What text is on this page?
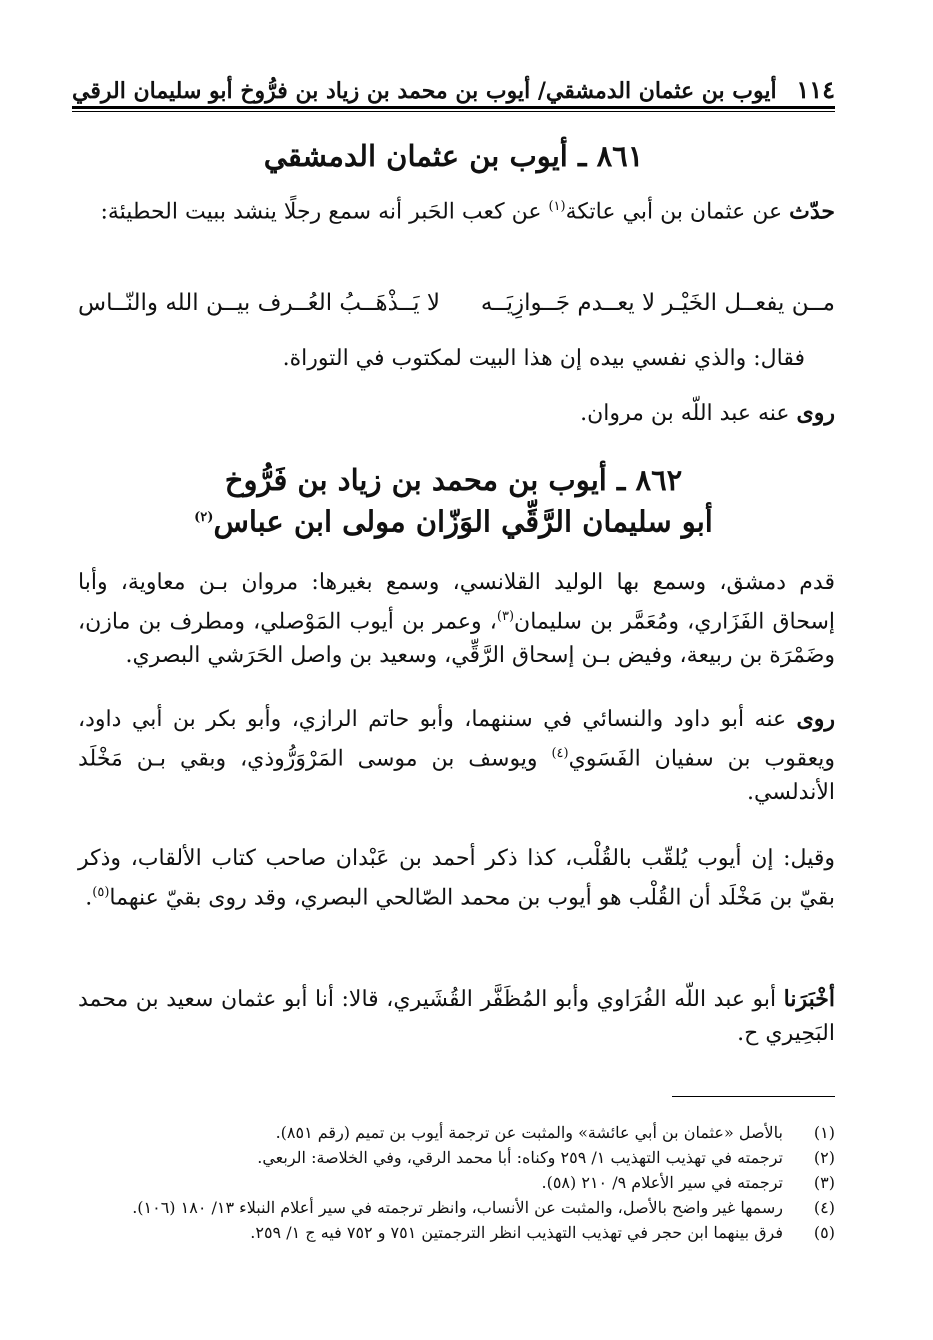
١١٤
أيوب بن عثمان الدمشقي/ أيوب بن محمد بن زياد بن فرُّوخ أبو سليمان الرقي
٨٦١ ـ أيوب بن عثمان الدمشقي
حدّث عن عثمان بن أبي عاتكة$^{(١)}$ عن كعب الحَبر أنه سمع رجلًا ينشد ببيت الحطيئة:
مــن يفعــل الخَيْـر لا يعــدم جَــوازِيَــه
لا يَــذْهَــبُ العُــرف بيــن الله والنّــاس
فقال: والذي نفسي بيده إن هذا البيت لمكتوب في التوراة.
روى عنه عبد اللّه بن مروان.
٨٦٢ ـ أيوب بن محمد بن زياد بن فَرُّوخ
أبو سليمان الرَّقِّي الوَزّان مولى ابن عباس$^{(٢)}$
قدم دمشق، وسمع بها الوليد القلانسي، وسمع بغيرها: مروان بـن معاوية، وأبا إسحاق الفَزَاري، ومُعَمَّر بن سليمان$^{(٣)}$، وعمر بن أيوب المَوْصلي، ومطرف بن مازن، وضَمْرَة بن ربيعة، وفيض بـن إسحاق الرَّقِّي، وسعيد بن واصل الحَرَشي البصري.
روى عنه أبو داود والنسائي في سننهما، وأبو حاتم الرازي، وأبو بكر بن أبي داود، ويعقوب بن سفيان الفَسَوي$^{(٤)}$ ويوسف بن موسى المَرْوَرُّوذي، وبقي بـن مَخْلَد الأندلسي.
وقيل: إن أيوب يُلقّب بالقُلْب، كذا ذكر أحمد بن عَبْدان صاحب كتاب الألقاب، وذكر بقيّ بن مَخْلَد أن القُلْب هو أيوب بن محمد الصّالحي البصري، وقد روى بقيّ عنهما$^{(٥)}$.
أخْبَرَنا أبو عبد اللّه الفُرَاوي وأبو المُظَفَّر القُشَيري، قالا: أنا أبو عثمان سعيد بن محمد البَحِيري ح.
(١)
بالأصل «عثمان بن أبي عائشة» والمثبت عن ترجمة أيوب بن تميم (رقم ٨٥١).
(٢)
ترجمته في تهذيب التهذيب ١/ ٢٥٩ وكناه: أبا محمد الرقي، وفي الخلاصة: الربعي.
(٣)
ترجمته في سير الأعلام ٩/ ٢١٠ (٥٨).
(٤)
رسمها غير واضح بالأصل، والمثبت عن الأنساب، وانظر ترجمته في سير أعلام النبلاء ١٣/ ١٨٠ (١٠٦).
(٥)
فرق بينهما ابن حجر في تهذيب التهذيب انظر الترجمتين ٧٥١ و ٧٥٢ فيه ج ١/ ٢٥٩.
